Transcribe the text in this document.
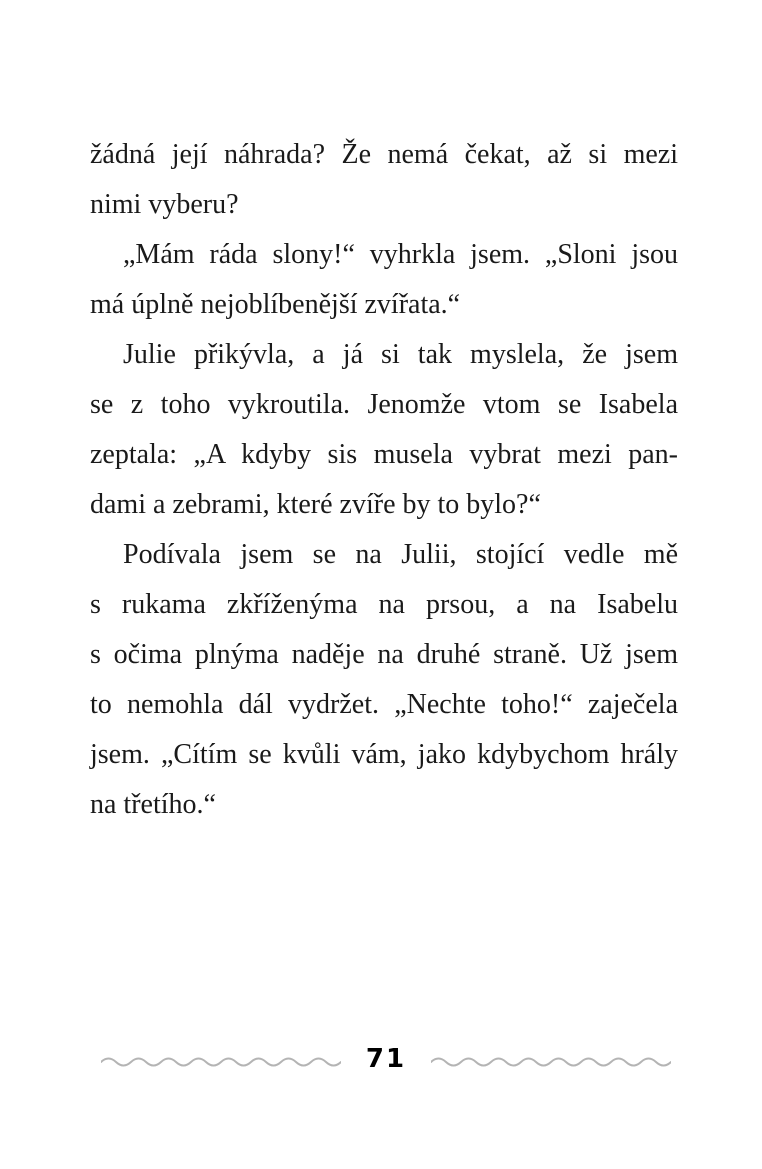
žádná její náhrada? Že nemá čekat, až si mezi
nimi vyberu?
„Mám ráda slony!“ vyhrkla jsem. „Sloni jsou
má úplně nejoblíbenější zvířata.“
Julie přikývla, a já si tak myslela, že jsem
se z toho vykroutila. Jenomže vtom se Isabela
zeptala: „A kdyby sis musela vybrat mezi pan-
dami a zebrami, které zvíře by to bylo?“
Podívala jsem se na Julii, stojící vedle mě
s rukama zkříženýma na prsou, a na Isabelu
s očima plnýma naděje na druhé straně. Už jsem
to nemohla dál vydržet. „Nechte toho!“ zaječela
jsem. „Cítím se kvůli vám, jako kdybychom hrály
na třetího.“
71
